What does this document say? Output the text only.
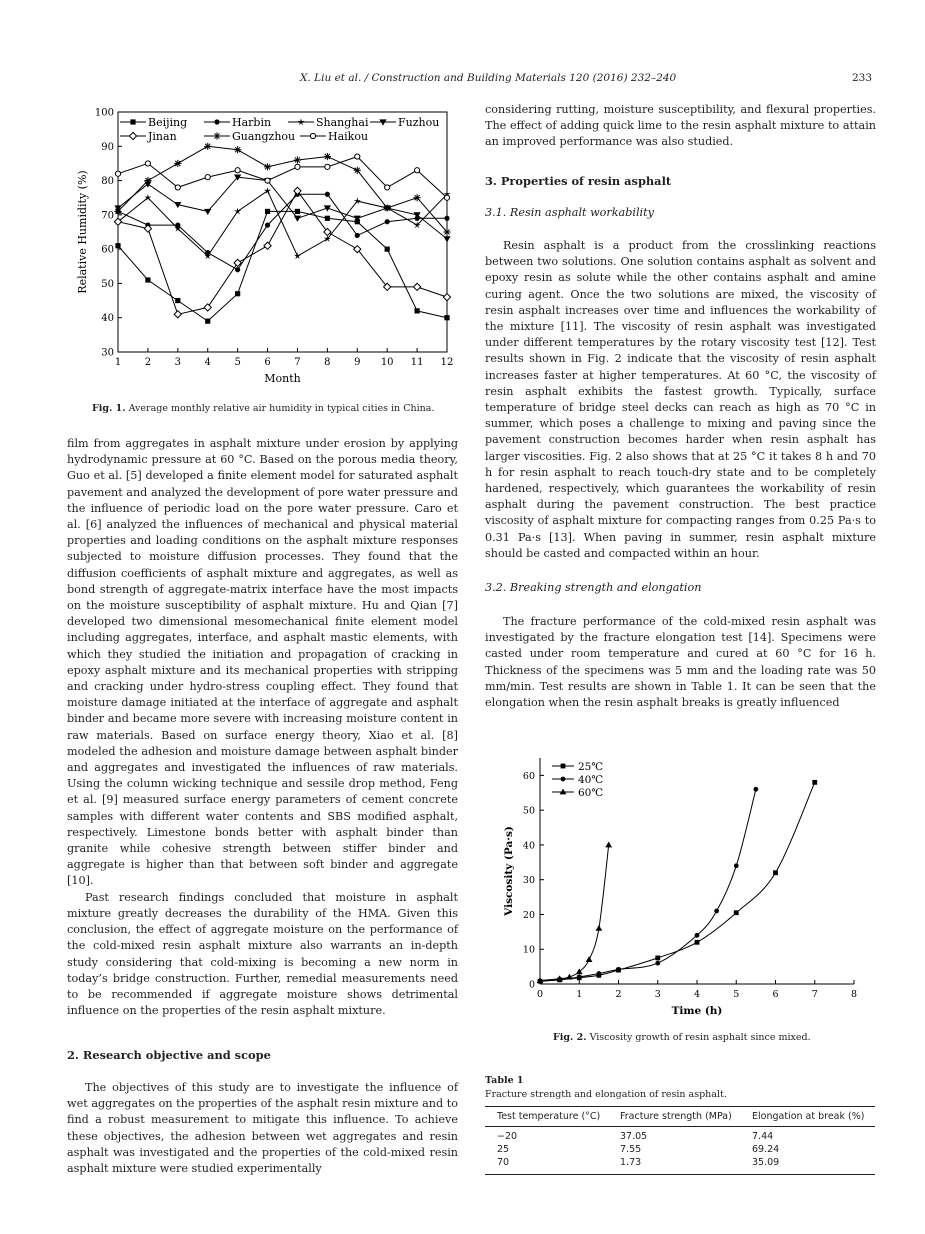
X. Liu et al. / Construction and Building Materials 120 (2016) 232–240	233
30
40
50
60
70
80
90
100
1 2 3 4 5 6 7 8 9 10 11 12
Month
Relative Humidity (%)
Beijing	Harbin	Shanghai	Fuzhou
Jinan	Guangzhou	Haikou
Fig. 1. Average monthly relative air humidity in typical cities in China.

film from aggregates in asphalt mixture under erosion by applying hydrodynamic pressure at 60 °C. Based on the porous media theory, Guo et al. [5] developed a finite element model for saturated asphalt pavement and analyzed the development of pore water pressure and the influence of periodic load on the pore water pressure. Caro et al. [6] analyzed the influences of mechanical and physical material properties and loading conditions on the asphalt mixture responses subjected to moisture diffusion processes. They found that the diffusion coefficients of asphalt mixture and aggregates, as well as bond strength of aggregate-matrix interface have the most impacts on the moisture susceptibility of asphalt mixture. Hu and Qian [7] developed two dimensional mesomechanical finite element model including aggregates, interface, and asphalt mastic elements, with which they studied the initiation and propagation of cracking in epoxy asphalt mixture and its mechanical properties with stripping and cracking under hydro-stress coupling effect. They found that moisture damage initiated at the interface of aggregate and asphalt binder and became more severe with increasing moisture content in raw materials. Based on surface energy theory, Xiao et al. [8] modeled the adhesion and moisture damage between asphalt binder and aggregates and investigated the influences of raw materials. Using the column wicking technique and sessile drop method, Feng et al. [9] measured surface energy parameters of cement concrete samples with different water contents and SBS modified asphalt, respectively. Limestone bonds better with asphalt binder than granite while cohesive strength between stiffer binder and aggregate is higher than that between soft binder and aggregate [10].

Past research findings concluded that moisture in asphalt mixture greatly decreases the durability of the HMA. Given this conclusion, the effect of aggregate moisture on the performance of the cold-mixed resin asphalt mixture also warrants an in-depth study considering that cold-mixing is becoming a new norm in today’s bridge construction. Further, remedial measurements need to be recommended if aggregate moisture shows detrimental influence on the properties of the resin asphalt mixture.

2. Research objective and scope

The objectives of this study are to investigate the influence of wet aggregates on the properties of the asphalt resin mixture and to find a robust measurement to mitigate this influence. To achieve these objectives, the adhesion between wet aggregates and resin asphalt was investigated and the properties of the cold-mixed resin asphalt mixture were studied experimentally

considering rutting, moisture susceptibility, and flexural properties. The effect of adding quick lime to the resin asphalt mixture to attain an improved performance was also studied.

3. Properties of resin asphalt
3.1. Resin asphalt workability

Resin asphalt is a product from the crosslinking reactions between two solutions. One solution contains asphalt as solvent and epoxy resin as solute while the other contains asphalt and amine curing agent. Once the two solutions are mixed, the viscosity of resin asphalt increases over time and influences the workability of the mixture [11]. The viscosity of resin asphalt was investigated under different temperatures by the rotary viscosity test [12]. Test results shown in Fig. 2 indicate that the viscosity of resin asphalt increases faster at higher temperatures. At 60 °C, the viscosity of resin asphalt exhibits the fastest growth. Typically, surface temperature of bridge steel decks can reach as high as 70 °C in summer, which poses a challenge to mixing and paving since the pavement construction becomes harder when resin asphalt has larger viscosities. Fig. 2 also shows that at 25 °C it takes 8 h and 70 h for resin asphalt to reach touch-dry state and to be completely hardened, respectively, which guarantees the workability of resin asphalt during the pavement construction. The best practice viscosity of asphalt mixture for compacting ranges from 0.25 Pa·s to 0.31 Pa·s [13]. When paving in summer, resin asphalt mixture should be casted and compacted within an hour.

3.2. Breaking strength and elongation

The fracture performance of the cold-mixed resin asphalt was investigated by the fracture elongation test [14]. Specimens were casted under room temperature and cured at 60 °C for 16 h. Thickness of the specimens was 5 mm and the loading rate was 50 mm/min. Test results are shown in Table 1. It can be seen that the elongation when the resin asphalt breaks is greatly influenced

0
10
20
30
40
50
60
0	1	2	3	4	5	6	7	8
Time (h)
Viscosity (Pa·s)
25℃
40℃
60℃
Fig. 2. Viscosity growth of resin asphalt since mixed.
Table 1
Fracture strength and elongation of resin asphalt.
Test temperature (°C) Fracture strength (MPa) Elongation at break (%)
−20	37.05	7.44
25	7.55	69.24
70	1.73	35.09
